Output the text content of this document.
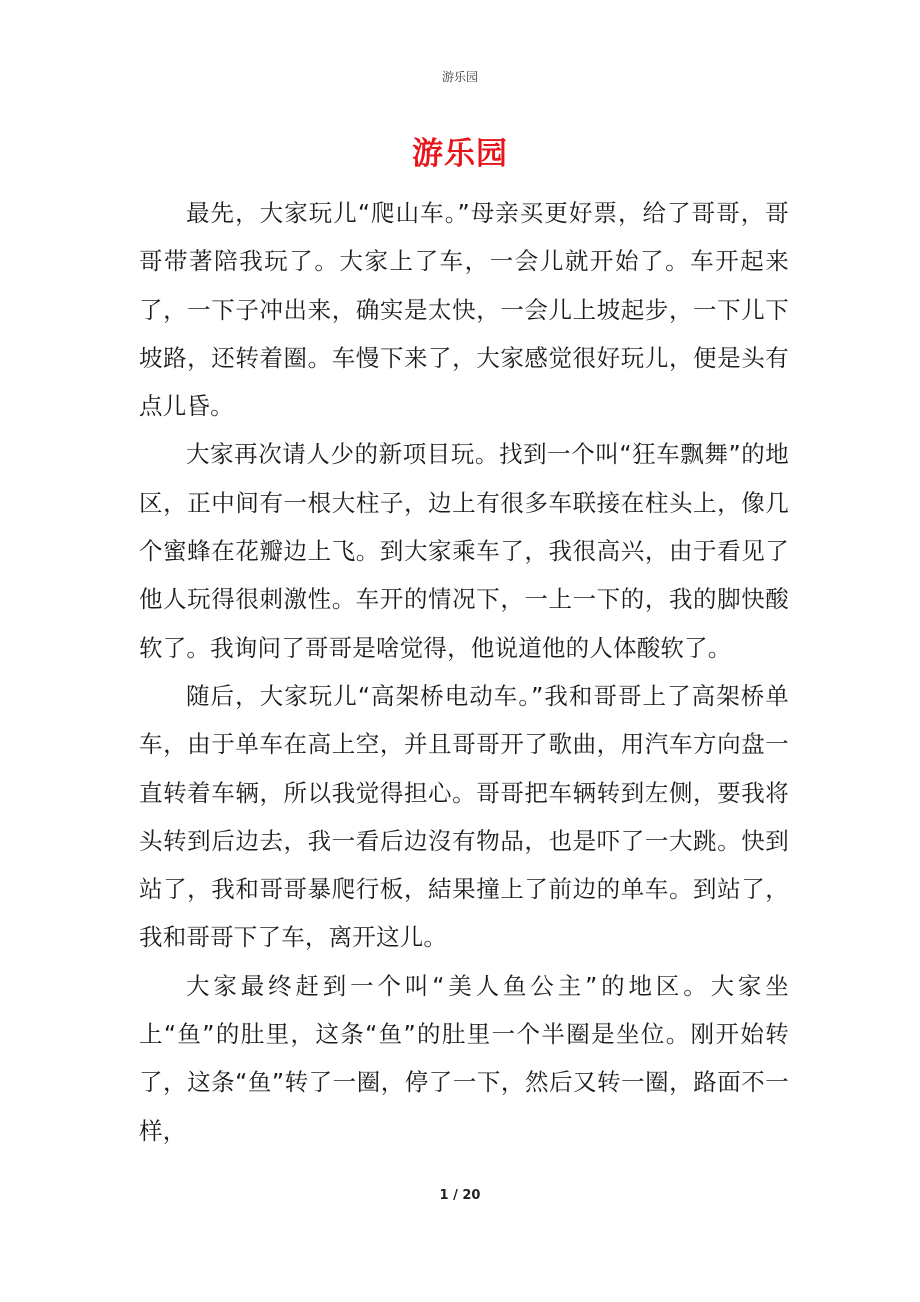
游乐园
游乐园

最先，大家玩儿“爬山车。”母亲买更好票，给了哥哥，哥哥带著陪我玩了。大家上了车，一会儿就开始了。车开起来了，一下子冲出来，确实是太快，一会儿上坡起步，一下儿下坡路，还转着圈。车慢下来了，大家感觉很好玩儿，便是头有点儿昏。

大家再次请人少的新项目玩。找到一个叫“狂车飘舞”的地区，正中间有一根大柱子，边上有很多车联接在柱头上，像几个蜜蜂在花瓣边上飞。到大家乘车了，我很高兴，由于看见了他人玩得很刺激性。车开的情况下，一上一下的，我的脚快酸软了。我询问了哥哥是啥觉得，他说道他的人体酸软了。

随后，大家玩儿“高架桥电动车。”我和哥哥上了高架桥单车，由于单车在高上空，并且哥哥开了歌曲，用汽车方向盘一直转着车辆，所以我觉得担心。哥哥把车辆转到左侧，要我将头转到后边去，我一看后边沒有物品，也是吓了一大跳。快到站了，我和哥哥暴爬行板，結果撞上了前边的单车。到站了，我和哥哥下了车，离开这儿。

大家最终赶到一个叫“美人鱼公主”的地区。大家坐上“鱼”的肚里，这条“鱼”的肚里一个半圈是坐位。刚开始转了，这条“鱼”转了一圈，停了一下，然后又转一圈，路面不一样，

1 / 20
